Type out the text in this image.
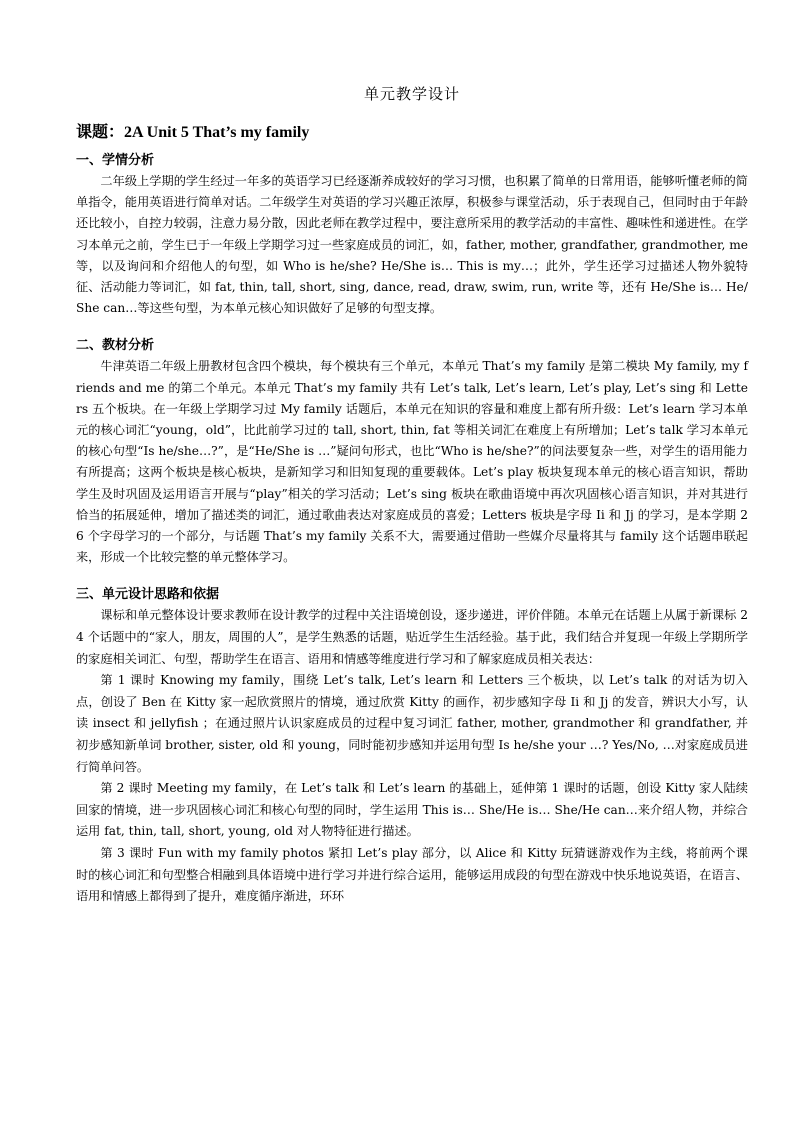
单元教学设计
课题：2A Unit 5 That’s my family
一、学情分析

二年级上学期的学生经过一年多的英语学习已经逐渐养成较好的学习习惯，也积累了简单的日常用语，能够听懂老师的简单指令，能用英语进行简单对话。二年级学生对英语的学习兴趣正浓厚，积极参与课堂活动，乐于表现自己，但同时由于年龄还比较小，自控力较弱，注意力易分散，因此老师在教学过程中，要注意所采用的教学活动的丰富性、趣味性和递进性。在学习本单元之前，学生已于一年级上学期学习过一些家庭成员的词汇，如，father, mother, grandfather, grandmother, me 等，以及询问和介绍他人的句型，如 Who is he/she? He/She is… This is my…；此外，学生还学习过描述人物外貌特征、活动能力等词汇，如 fat, thin, tall, short, sing, dance, read, draw, swim, run, write 等，还有 He/She is… He/She can…等这些句型，为本单元核心知识做好了足够的句型支撑。

二、教材分析

牛津英语二年级上册教材包含四个模块，每个模块有三个单元，本单元 That’s my family 是第二模块 My family, my friends and me 的第二个单元。本单元 That’s my family 共有 Let’s talk, Let’s learn, Let’s play, Let’s sing 和 Letters 五个板块。在一年级上学期学习过 My family 话题后，本单元在知识的容量和难度上都有所升级：Let’s learn 学习本单元的核心词汇“young，old”，比此前学习过的 tall, short, thin, fat 等相关词汇在难度上有所增加；Let’s talk 学习本单元的核心句型“Is he/she…?”，是“He/She is …”疑问句形式，也比“Who is he/she?”的问法要复杂一些，对学生的语用能力有所提高；这两个板块是核心板块，是新知学习和旧知复现的重要载体。Let’s play 板块复现本单元的核心语言知识，帮助学生及时巩固及运用语言开展与“play”相关的学习活动；Let’s sing 板块在歌曲语境中再次巩固核心语言知识，并对其进行恰当的拓展延伸，增加了描述类的词汇，通过歌曲表达对家庭成员的喜爱；Letters 板块是字母 Ii 和 Jj 的学习，是本学期 26 个字母学习的一个部分，与话题 That’s my family 关系不大，需要通过借助一些媒介尽量将其与 family 这个话题串联起来，形成一个比较完整的单元整体学习。

三、单元设计思路和依据

课标和单元整体设计要求教师在设计教学的过程中关注语境创设，逐步递进，评价伴随。本单元在话题上从属于新课标 24 个话题中的“家人，朋友，周围的人”，是学生熟悉的话题，贴近学生生活经验。基于此，我们结合并复现一年级上学期所学的家庭相关词汇、句型，帮助学生在语言、语用和情感等维度进行学习和了解家庭成员相关表达：

第 1 课时 Knowing my family，围绕 Let’s talk, Let’s learn 和 Letters 三个板块，以 Let’s talk 的对话为切入点，创设了 Ben 在 Kitty 家一起欣赏照片的情境，通过欣赏 Kitty 的画作，初步感知字母 Ii 和 Jj 的发音，辨识大小写，认读 insect 和 jellyfish ；在通过照片认识家庭成员的过程中复习词汇 father, mother, grandmother 和 grandfather, 并初步感知新单词 brother, sister, old 和 young，同时能初步感知并运用句型 Is he/she your …? Yes/No, …对家庭成员进行简单问答。

第 2 课时 Meeting my family，在 Let’s talk 和 Let’s learn 的基础上，延伸第 1 课时的话题，创设 Kitty 家人陆续回家的情境，进一步巩固核心词汇和核心句型的同时，学生运用 This is… She/He is… She/He can…来介绍人物，并综合运用 fat, thin, tall, short, young, old 对人物特征进行描述。

第 3 课时 Fun with my family photos 紧扣 Let’s play 部分，以 Alice 和 Kitty 玩猜谜游戏作为主线，将前两个课时的核心词汇和句型整合相融到具体语境中进行学习并进行综合运用，能够运用成段的句型在游戏中快乐地说英语，在语言、语用和情感上都得到了提升，难度循序渐进，环环
